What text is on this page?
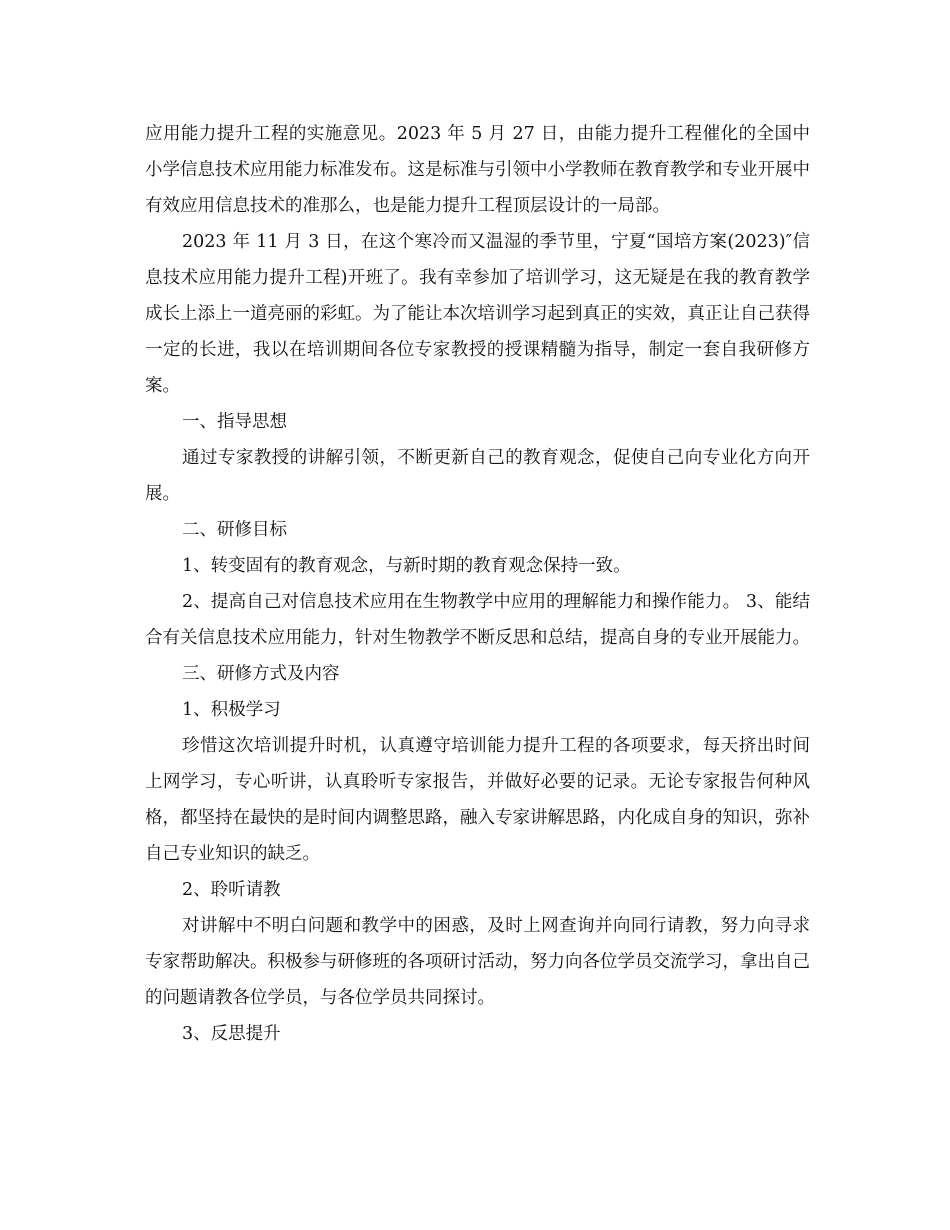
应用能力提升工程的实施意见。2023 年 5 月 27 日，由能力提升工程催化的全国中小学信息技术应用能力标准发布。这是标准与引领中小学教师在教育教学和专业开展中有效应用信息技术的准那么，也是能力提升工程顶层设计的一局部。

2023 年 11 月 3 日，在这个寒冷而又温湿的季节里，宁夏“国培方案(2023)″信息技术应用能力提升工程)开班了。我有幸参加了培训学习，这无疑是在我的教育教学成长上添上一道亮丽的彩虹。为了能让本次培训学习起到真正的实效，真正让自己获得一定的长进，我以在培训期间各位专家教授的授课精髓为指导，制定一套自我研修方案。

一、指导思想

通过专家教授的讲解引领，不断更新自己的教育观念，促使自己向专业化方向开展。

二、研修目标

1、转变固有的教育观念，与新时期的教育观念保持一致。

2、提高自己对信息技术应用在生物教学中应用的理解能力和操作能力。 3、能结合有关信息技术应用能力，针对生物教学不断反思和总结，提高自身的专业开展能力。

三、研修方式及内容

1、积极学习

珍惜这次培训提升时机，认真遵守培训能力提升工程的各项要求，每天挤出时间上网学习，专心听讲，认真聆听专家报告，并做好必要的记录。无论专家报告何种风格，都坚持在最快的是时间内调整思路，融入专家讲解思路，内化成自身的知识，弥补自己专业知识的缺乏。

2、聆听请教

对讲解中不明白问题和教学中的困惑，及时上网查询并向同行请教，努力向寻求专家帮助解决。积极参与研修班的各项研讨活动，努力向各位学员交流学习，拿出自己的问题请教各位学员，与各位学员共同探讨。

3、反思提升
